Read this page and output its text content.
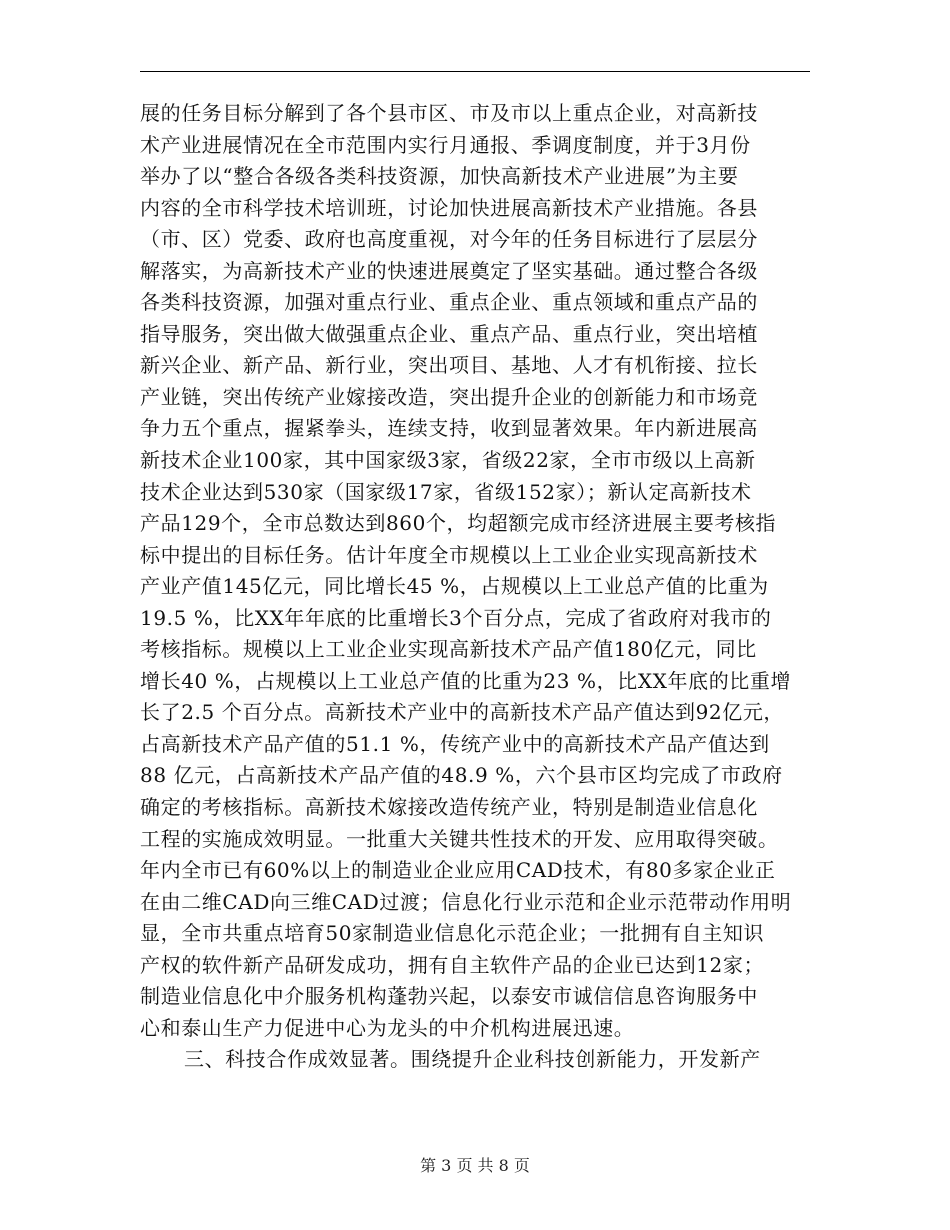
展的任务目标分解到了各个县市区、市及市以上重点企业，对高新技
术产业进展情况在全市范围内实行月通报、季调度制度，并于3月份
举办了以“整合各级各类科技资源，加快高新技术产业进展”为主要
内容的全市科学技术培训班，讨论加快进展高新技术产业措施。各县
（市、区）党委、政府也高度重视，对今年的任务目标进行了层层分
解落实，为高新技术产业的快速进展奠定了坚实基础。通过整合各级
各类科技资源，加强对重点行业、重点企业、重点领域和重点产品的
指导服务，突出做大做强重点企业、重点产品、重点行业，突出培植
新兴企业、新产品、新行业，突出项目、基地、人才有机衔接、拉长
产业链，突出传统产业嫁接改造，突出提升企业的创新能力和市场竞
争力五个重点，握紧拳头，连续支持，收到显著效果。年内新进展高
新技术企业100家，其中国家级3家，省级22家，全市市级以上高新
技术企业达到530家（国家级17家，省级152家）；新认定高新技术
产品129个，全市总数达到860个，均超额完成市经济进展主要考核指
标中提出的目标任务。估计年度全市规模以上工业企业实现高新技术
产业产值145亿元，同比增长45 %，占规模以上工业总产值的比重为
19.5 %，比XX年年底的比重增长3个百分点，完成了省政府对我市的
考核指标。规模以上工业企业实现高新技术产品产值180亿元，同比
增长40 %，占规模以上工业总产值的比重为23 %，比XX年底的比重增
长了2.5 个百分点。高新技术产业中的高新技术产品产值达到92亿元，
占高新技术产品产值的51.1 %，传统产业中的高新技术产品产值达到
88 亿元，占高新技术产品产值的48.9 %，六个县市区均完成了市政府
确定的考核指标。高新技术嫁接改造传统产业，特别是制造业信息化
工程的实施成效明显。一批重大关键共性技术的开发、应用取得突破。
年内全市已有60%以上的制造业企业应用CAD技术，有80多家企业正
在由二维CAD向三维CAD过渡；信息化行业示范和企业示范带动作用明
显，全市共重点培育50家制造业信息化示范企业；一批拥有自主知识
产权的软件新产品研发成功，拥有自主软件产品的企业已达到12家；
制造业信息化中介服务机构蓬勃兴起，以泰安市诚信信息咨询服务中
心和泰山生产力促进中心为龙头的中介机构进展迅速。
三、科技合作成效显著。围绕提升企业科技创新能力，开发新产
第 3 页 共 8 页
